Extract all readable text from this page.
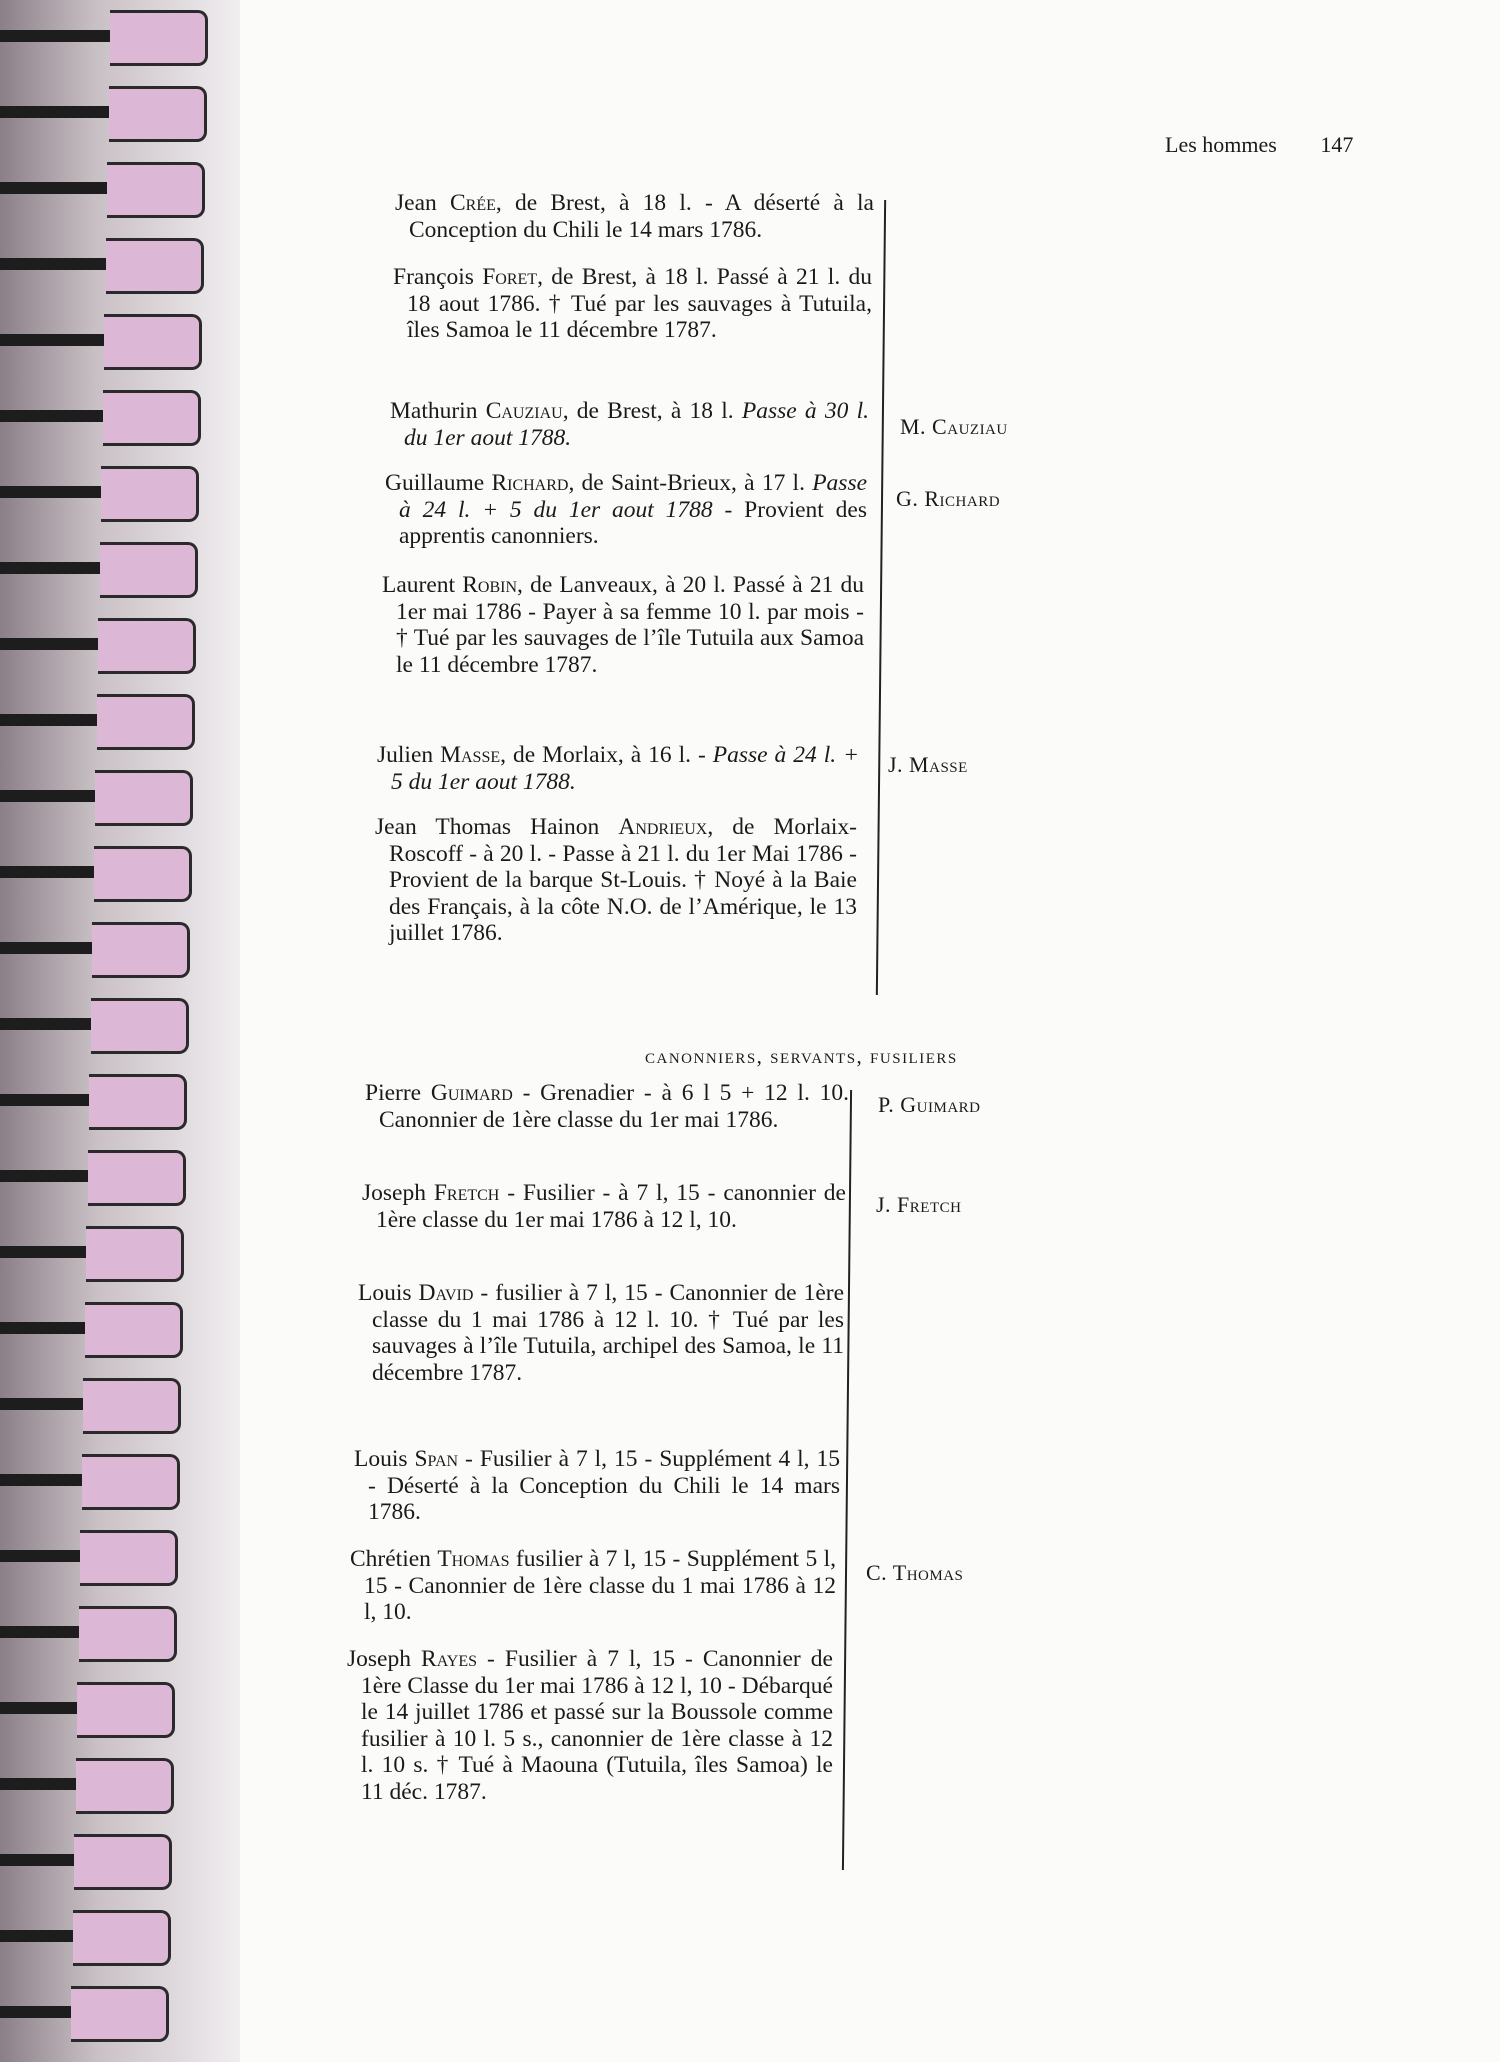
Les hommes 147
Jean Crée, de Brest, à 18 l. - A déserté à la Conception du Chili le 14 mars 1786.
François Foret, de Brest, à 18 l. Passé à 21 l. du 18 aout 1786. † Tué par les sauvages à Tutuila, îles Samoa le 11 décembre 1787.
Mathurin Cauziau, de Brest, à 18 l. Passe à 30 l. du 1er aout 1788.
Guillaume Richard, de Saint-Brieux, à 17 l. Passe à 24 l. + 5 du 1er aout 1788 - Provient des apprentis canonniers.
Laurent Robin, de Lanveaux, à 20 l. Passé à 21 du 1er mai 1786 - Payer à sa femme 10 l. par mois - † Tué par les sauvages de l’île Tutuila aux Samoa le 11 décembre 1787.
Julien Masse, de Morlaix, à 16 l. - Passe à 24 l. + 5 du 1er aout 1788.
Jean Thomas Hainon Andrieux, de Morlaix-Roscoff - à 20 l. - Passe à 21 l. du 1er Mai 1786 - Provient de la barque St-Louis. † Noyé à la Baie des Français, à la côte N.O. de l’Amérique, le 13 juillet 1786.
M. Cauziau
G. Richard
J. Masse
canonniers, servants, fusiliers
Pierre Guimard - Grenadier - à 6 l 5 + 12 l. 10. Canonnier de 1ère classe du 1er mai 1786.
Joseph Fretch - Fusilier - à 7 l, 15 - canonnier de 1ère classe du 1er mai 1786 à 12 l, 10.
Louis David - fusilier à 7 l, 15 - Canonnier de 1ère classe du 1 mai 1786 à 12 l. 10. † Tué par les sauvages à l’île Tutuila, archipel des Samoa, le 11 décembre 1787.
Louis Span - Fusilier à 7 l, 15 - Supplément 4 l, 15 - Déserté à la Conception du Chili le 14 mars 1786.
Chrétien Thomas fusilier à 7 l, 15 - Supplément 5 l, 15 - Canonnier de 1ère classe du 1 mai 1786 à 12 l, 10.
Joseph Rayes - Fusilier à 7 l, 15 - Canonnier de 1ère Classe du 1er mai 1786 à 12 l, 10 - Débarqué le 14 juillet 1786 et passé sur la Boussole comme fusilier à 10 l. 5 s., canonnier de 1ère classe à 12 l. 10 s. † Tué à Maouna (Tutuila, îles Samoa) le 11 déc. 1787.
P. Guimard
J. Fretch
C. Thomas
